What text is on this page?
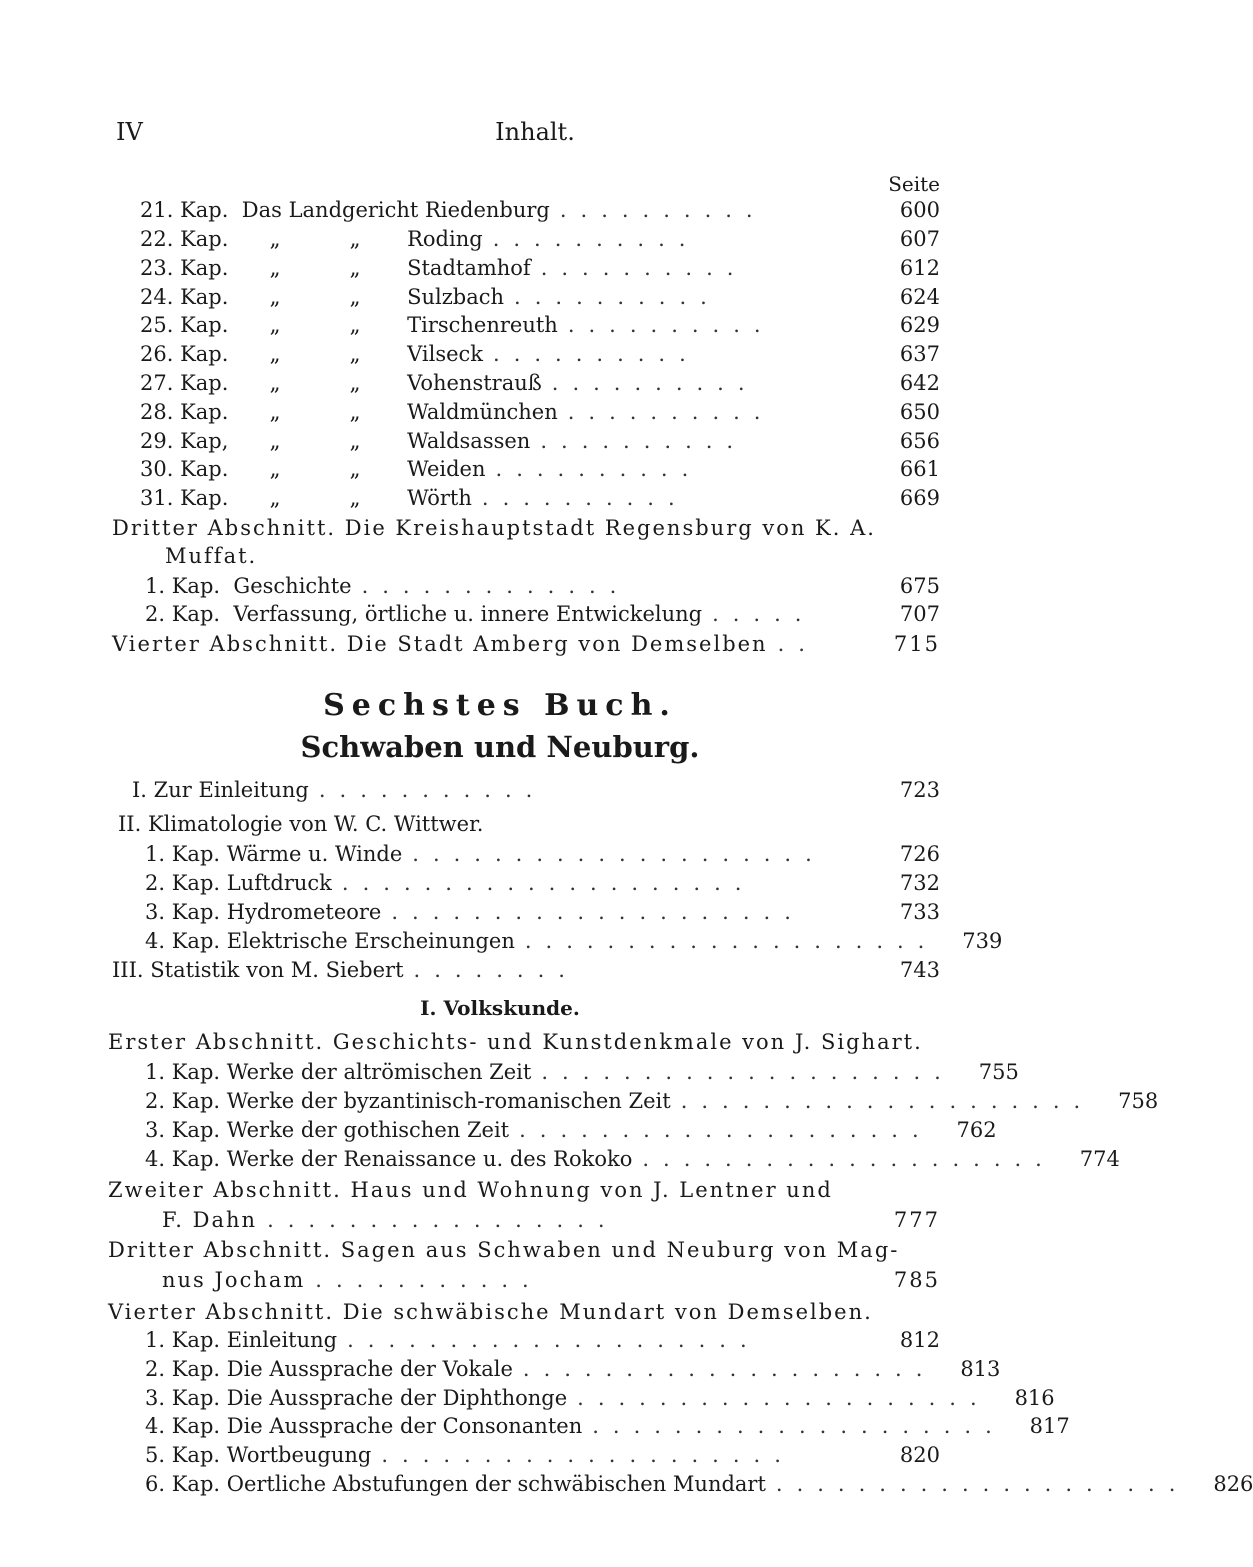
IV	Inhalt.
Seite
21. Kap. Das Landgericht Riedenburg ..........	600
22. Kap. „	„ Roding ..........	607
23. Kap. „	„ Stadtamhof ..........	612
24. Kap. „	„ Sulzbach ..........	624
25. Kap. „	„ Tirschenreuth ..........	629
26. Kap. „	„ Vilseck ..........	637
27. Kap. „	„ Vohenstrauß ..........	642
28. Kap. „	„ Waldmünchen ..........	650
29. Kap, „	„ Waldsassen ..........	656
30. Kap. „	„ Weiden ..........	661
31. Kap. „	„ Wörth ..........	669
Dritter Abschnitt. Die Kreishauptstadt Regensburg von K. A.
Muffat.
1. Kap. Geschichte .............	675
2. Kap. Verfassung, örtliche u. innere Entwickelung .....	707
Vierter Abschnitt. Die Stadt Amberg von Demselben ..	715
Sechstes Buch.
Schwaben und Neuburg.
I. Zur Einleitung ...........	723
II. Klimatologie von W. C. Wittwer.
1. Kap. Wärme u. Winde ....................	726
2. Kap. Luftdruck ....................	732
3. Kap. Hydrometeore ....................	733
4. Kap. Elektrische Erscheinungen ....................	739
III. Statistik von M. Siebert ........	743
I. Volkskunde.
Erster Abschnitt. Geschichts- und Kunstdenkmale von J. Sighart.
1. Kap. Werke der altrömischen Zeit ....................	755
2. Kap. Werke der byzantinisch-romanischen Zeit ....................	758
3. Kap. Werke der gothischen Zeit ....................	762
4. Kap. Werke der Renaissance u. des Rokoko ....................	774
Zweiter Abschnitt. Haus und Wohnung von J. Lentner und
F. Dahn .................	777
Dritter Abschnitt. Sagen aus Schwaben und Neuburg von Mag-
nus Jocham ...........	785
Vierter Abschnitt. Die schwäbische Mundart von Demselben.
1. Kap. Einleitung ....................	812
2. Kap. Die Aussprache der Vokale ....................	813
3. Kap. Die Aussprache der Diphthonge ....................	816
4. Kap. Die Aussprache der Consonanten ....................	817
5. Kap. Wortbeugung ....................	820
6. Kap. Oertliche Abstufungen der schwäbischen Mundart ....................	826
